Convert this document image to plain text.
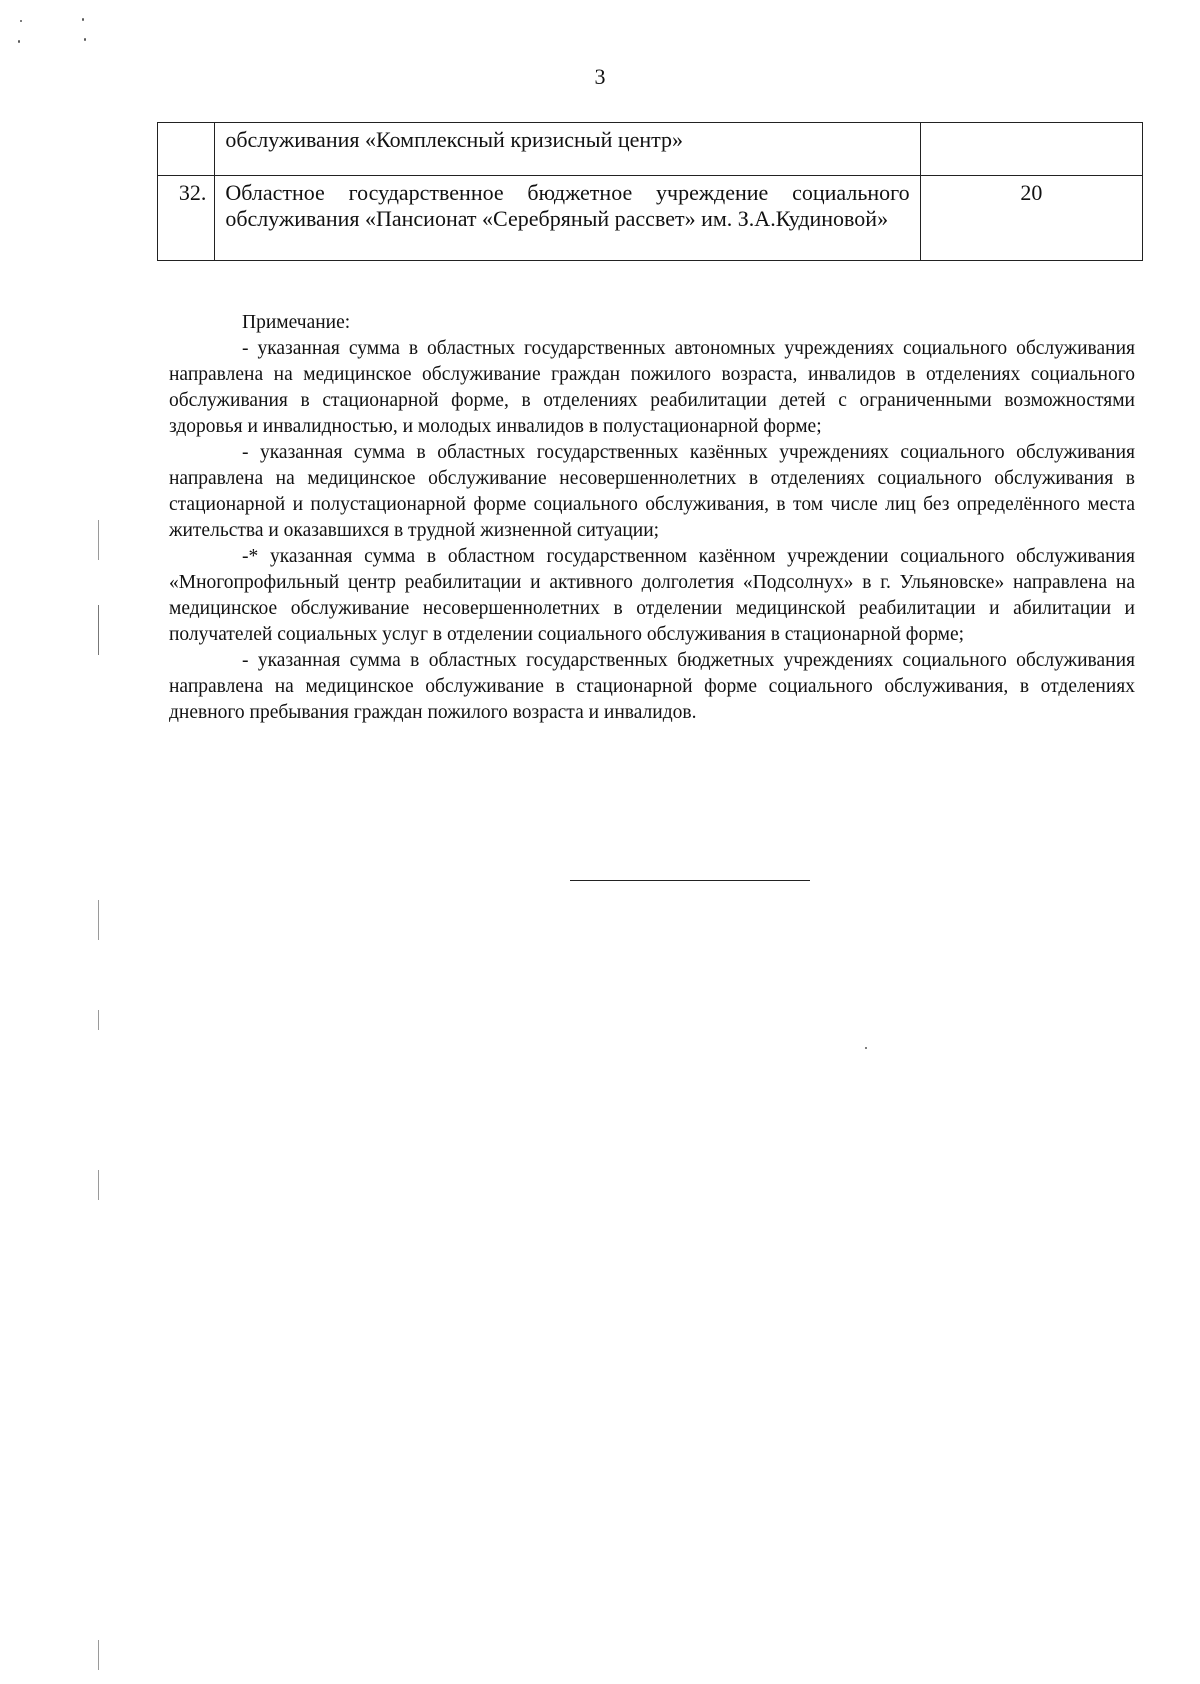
3
	обслуживания «Комплексный кризисный центр»	
32.	Областное государственное бюджетное учреждение социального обслуживания «Пансионат «Серебряный рассвет» им. З.А.Кудиновой»	20

Примечание:

- указанная сумма в областных государственных автономных учреждениях социального обслуживания направлена на медицинское обслуживание граждан пожилого возраста, инвалидов в отделениях социального обслуживания в стационарной форме, в отделениях реабилитации детей с ограниченными возможностями здоровья и инвалидностью, и молодых инвалидов в полустационарной форме;

- указанная сумма в областных государственных казённых учреждениях социального обслуживания направлена на медицинское обслуживание несовершеннолетних в отделениях социального обслуживания в стационарной и полустационарной форме социального обслуживания, в том числе лиц без определённого места жительства и оказавшихся в трудной жизненной ситуации;

-* указанная сумма в областном государственном казённом учреждении социального обслуживания «Многопрофильный центр реабилитации и активного долголетия «Подсолнух» в г. Ульяновске» направлена на медицинское обслуживание несовершеннолетних в отделении медицинской реабилитации и абилитации и получателей социальных услуг в отделении социального обслуживания в стационарной форме;

- указанная сумма в областных государственных бюджетных учреждениях социального обслуживания направлена на медицинское обслуживание в стационарной форме социального обслуживания, в отделениях дневного пребывания граждан пожилого возраста и инвалидов.
